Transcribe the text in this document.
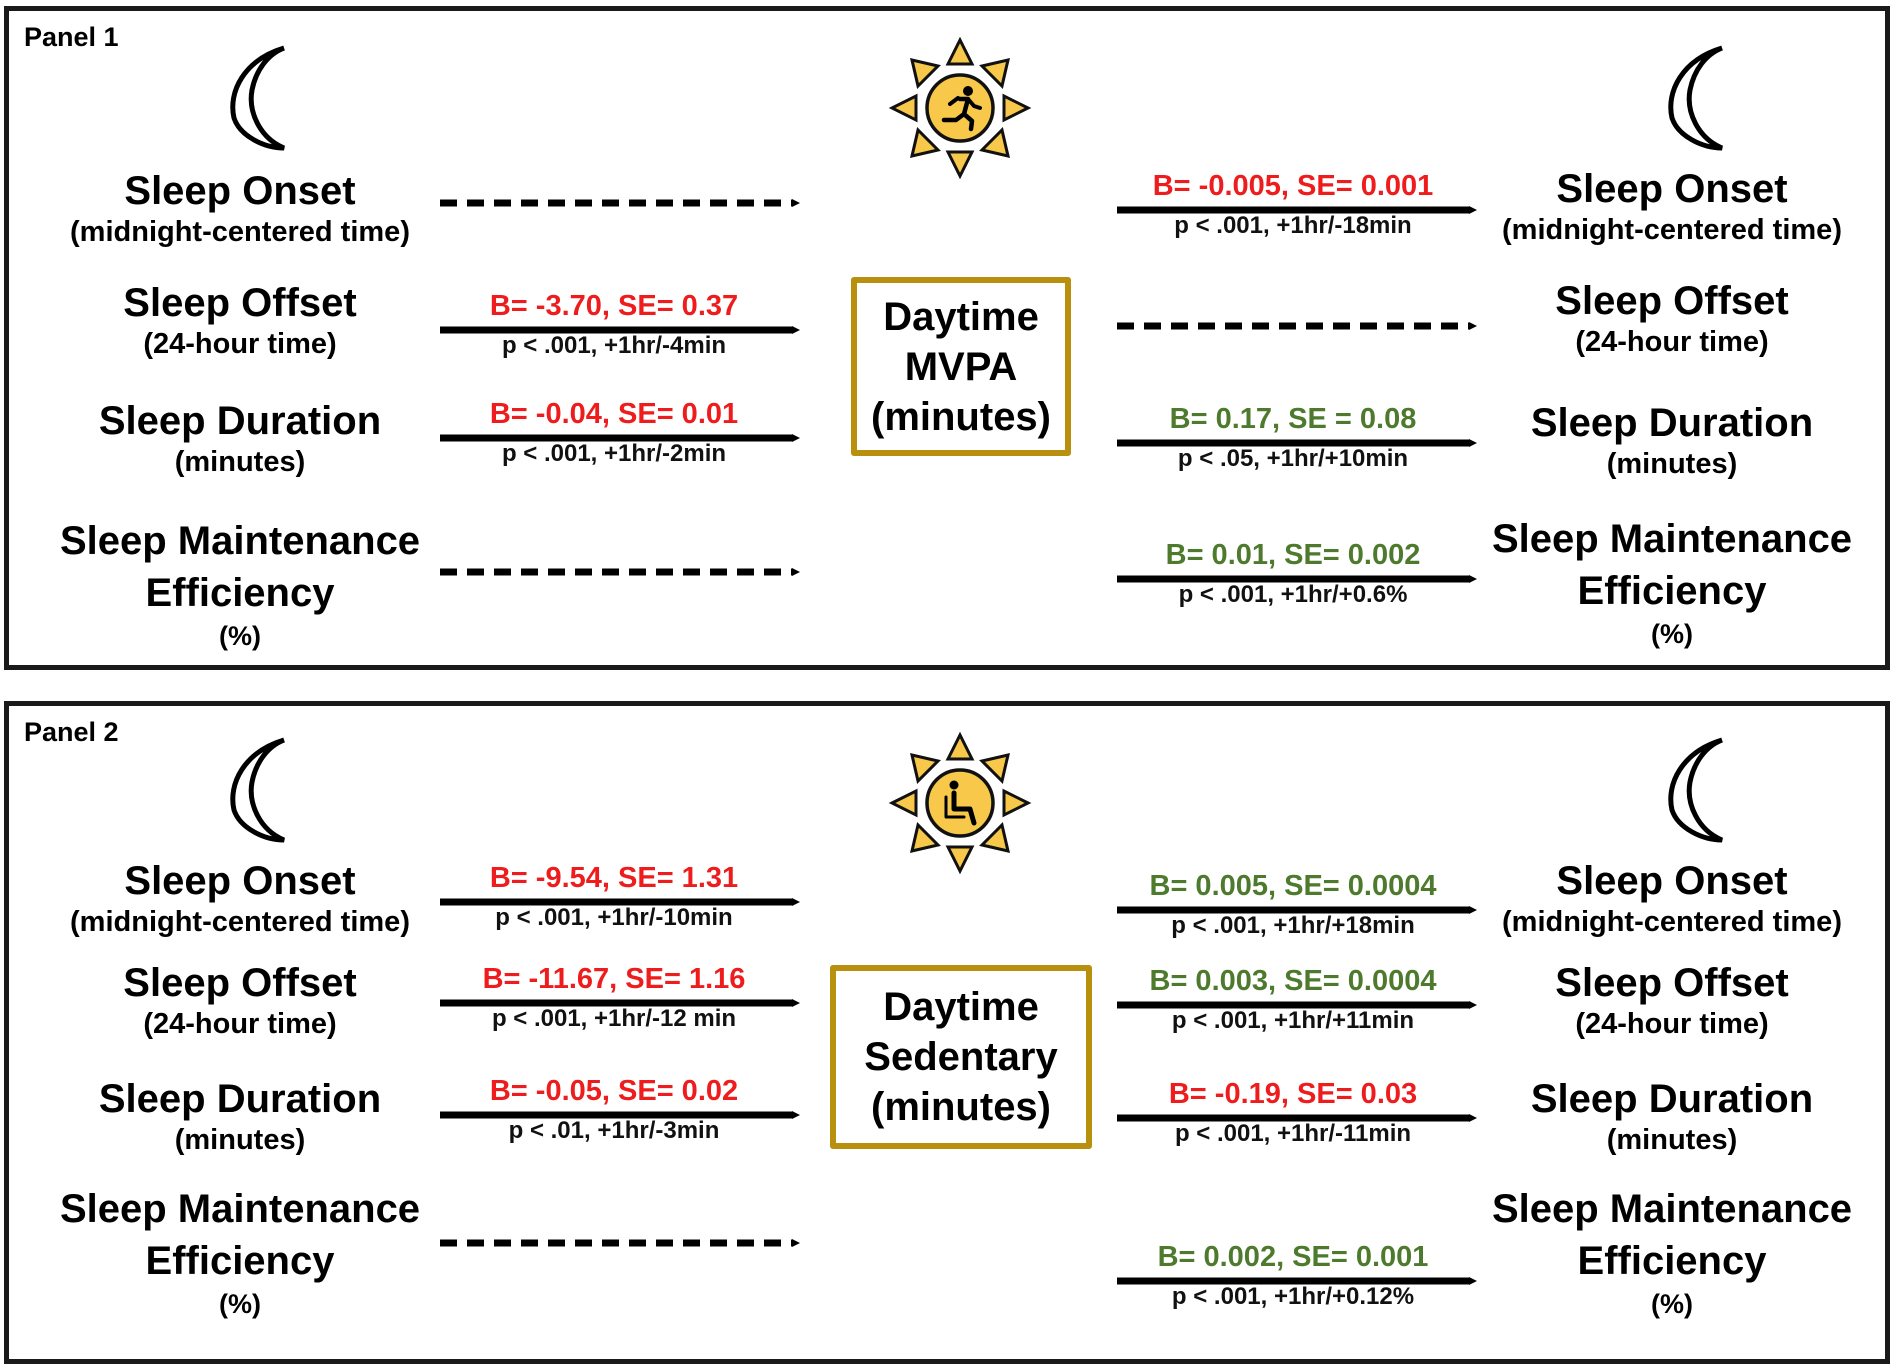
Panel 1
Panel 2
Sleep Onset
(midnight-centered time)
Sleep Offset
(24-hour time)
Sleep Duration
(minutes)
Sleep Maintenance
Efficiency
(%)
Sleep Onset
(midnight-centered time)
Sleep Offset
(24-hour time)
Sleep Duration
(minutes)
Sleep Maintenance
Efficiency
(%)
Daytime
MVPA
(minutes)
B= -3.70, SE= 0.37
p < .001, +1hr/-4min
B= -0.04, SE= 0.01
p < .001, +1hr/-2min
B= -0.005, SE= 0.001
p < .001, +1hr/-18min
B= 0.17, SE = 0.08
p < .05, +1hr/+10min
B= 0.01, SE= 0.002
p < .001, +1hr/+0.6%
Sleep Onset
(midnight-centered time)
Sleep Offset
(24-hour time)
Sleep Duration
(minutes)
Sleep Maintenance
Efficiency
(%)
Sleep Onset
(midnight-centered time)
Sleep Offset
(24-hour time)
Sleep Duration
(minutes)
Sleep Maintenance
Efficiency
(%)
Daytime
Sedentary
(minutes)
B= -9.54, SE= 1.31
p < .001, +1hr/-10min
B= -11.67, SE= 1.16
p < .001, +1hr/-12 min
B= -0.05, SE= 0.02
p < .01, +1hr/-3min
B= 0.005, SE= 0.0004
p < .001, +1hr/+18min
B= 0.003, SE= 0.0004
p < .001, +1hr/+11min
B= -0.19, SE= 0.03
p < .001, +1hr/-11min
B= 0.002, SE= 0.001
p < .001, +1hr/+0.12%
